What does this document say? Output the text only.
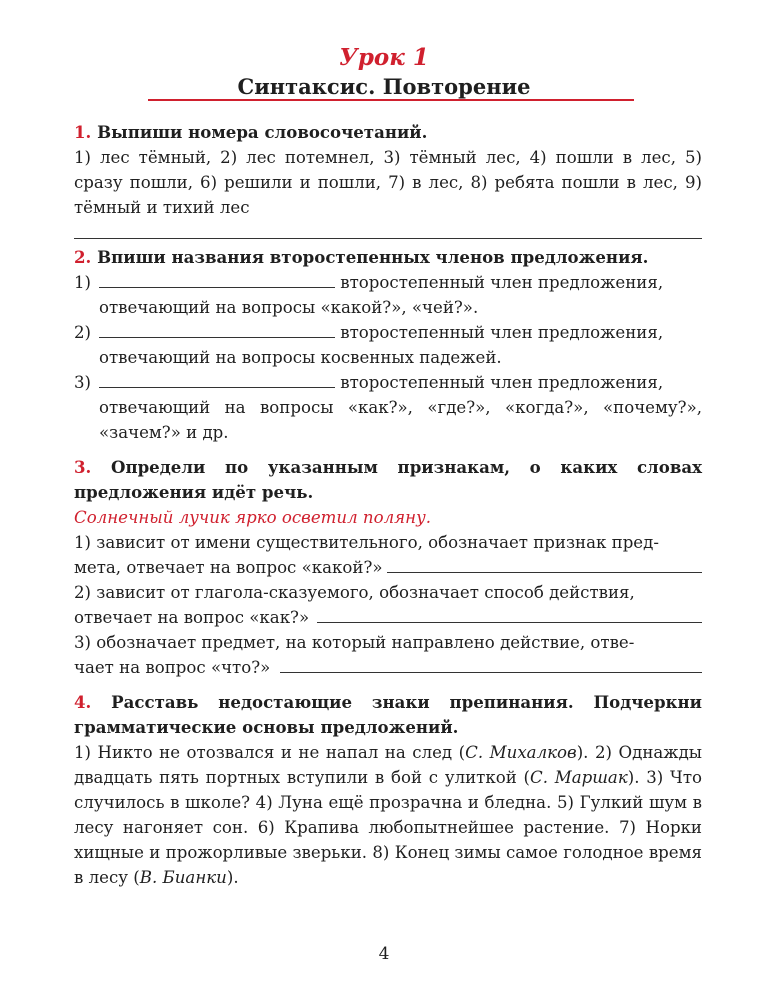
Урок 1
Синтаксис. Повторение
1. Выпиши номера словосочетаний.
1) лес тёмный, 2) лес потемнел, 3) тёмный лес, 4) пошли в лес, 5) сразу пошли, 6) решили и пошли, 7) в лес, 8) ребята пошли в лес, 9) тёмный и тихий лес
2. Впиши названия второстепенных членов предложения.
1)	второстепенный член предложения,
отвечающий на вопросы «какой?», «чей?».
2)	второстепенный член предложения,
отвечающий на вопросы косвенных падежей.
3)	второстепенный член предложения,
отвечающий на вопросы «как?», «где?», «когда?», «почему?», «зачем?» и др.
3. Определи по указанным признакам, о каких словах предложения идёт речь.
Солнечный лучик ярко осветил поляну.
1) зависит от имени существительного, обозначает признак пред-
мета, отвечает на вопрос «какой?»
2) зависит от глагола-сказуемого, обозначает способ действия,
отвечает на вопрос «как?»
3) обозначает предмет, на который направлено действие, отве-
чает на вопрос «что?»
4. Расставь недостающие знаки препинания. Подчеркни грамматические основы предложений.
1) Никто не отозвался и не напал на след (С. Михалков). 2) Однажды двадцать пять портных вступили в бой с улиткой (С. Маршак). 3) Что случилось в школе? 4) Луна ещё прозрачна и бледна. 5) Гулкий шум в лесу нагоняет сон. 6) Крапива любопытнейшее растение. 7) Норки хищные и прожорливые зверьки. 8) Конец зимы самое голодное время в лесу (В. Бианки).
4
